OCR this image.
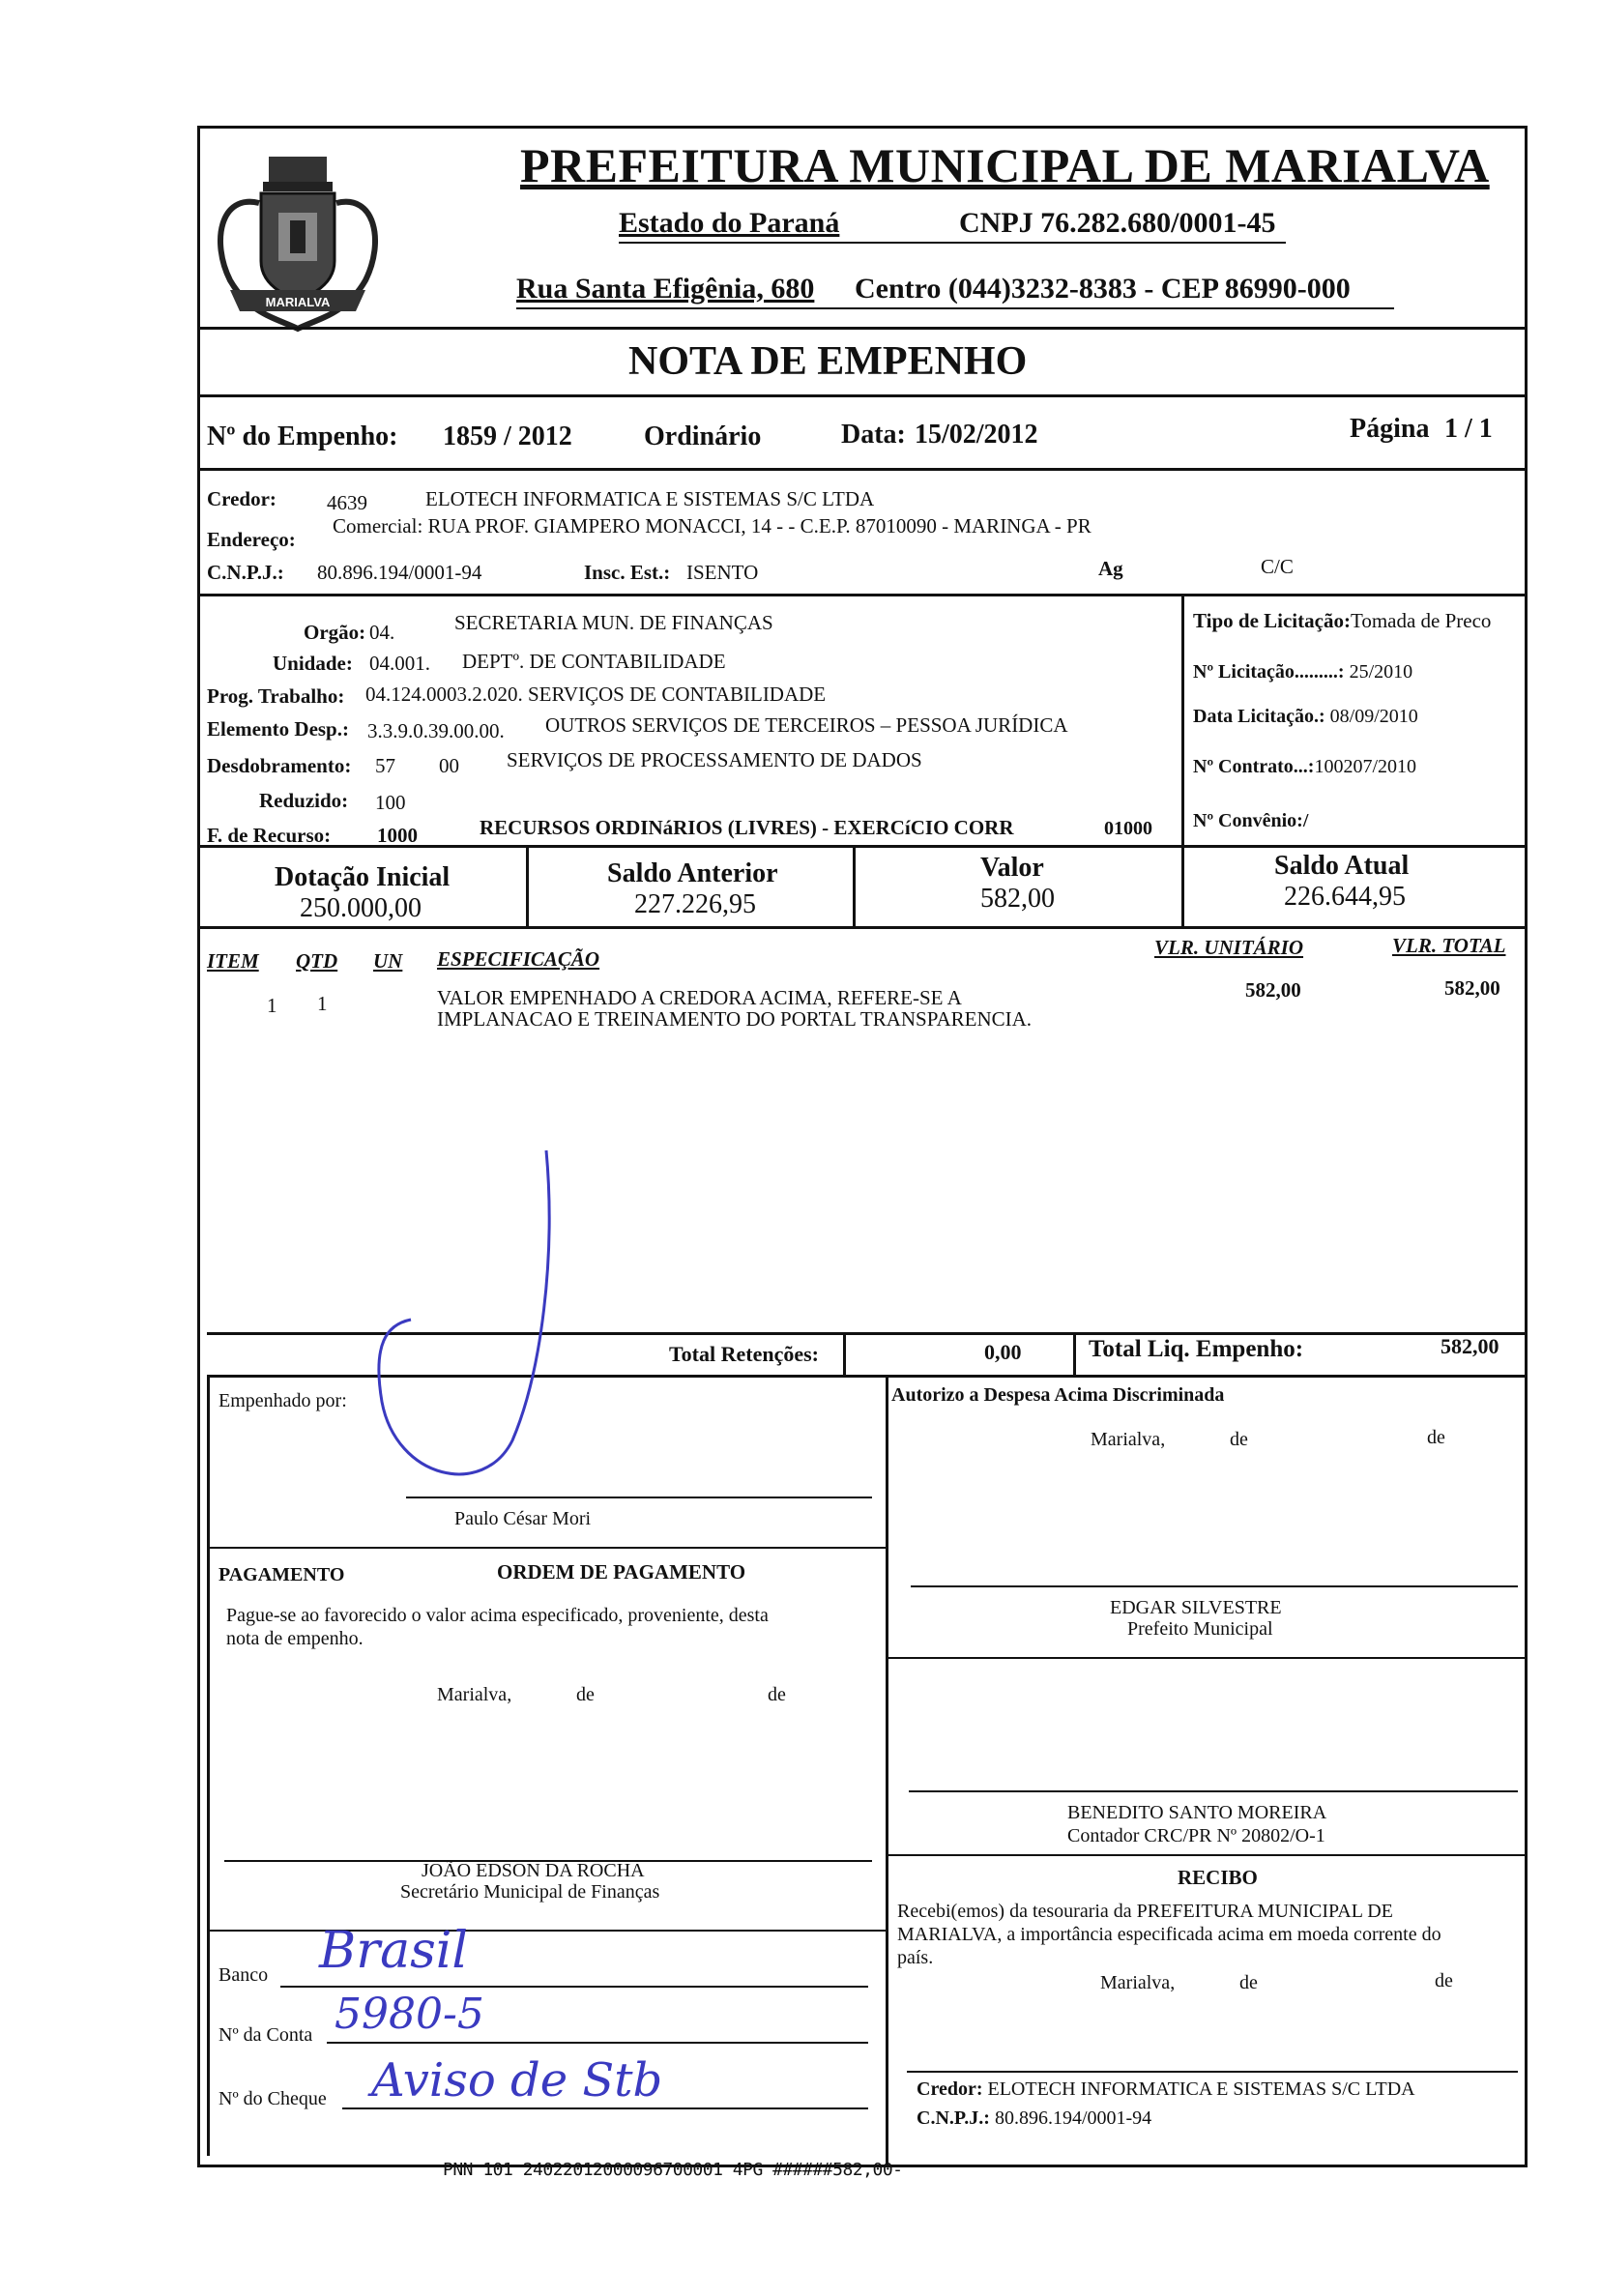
MARIALVA
PREFEITURA MUNICIPAL DE MARIALVA
Estado do Paraná	CNPJ 76.282.680/0001-45
Rua Santa Efigênia, 680 Centro (044)3232-8383 - CEP 86990-000
NOTA DE EMPENHO
Nº do Empenho: 1859 / 2012	Ordinário	Data: 15/02/2012	Página 1 / 1
Credor: 4639	ELOTECH INFORMATICA E SISTEMAS S/C LTDA
Endereço:
Comercial: RUA PROF. GIAMPERO MONACCI, 14 - - C.E.P. 87010090 - MARINGA - PR
C.N.P.J.: 80.896.194/0001-94	Insc. Est.: ISENTO	Ag	C/C
Orgão: 04.	SECRETARIA MUN. DE FINANÇAS
Unidade: 04.001. DEPTº. DE CONTABILIDADE
Prog. Trabalho: 04.124.0003.2.020. SERVIÇOS DE CONTABILIDADE
Elemento Desp.: 3.3.9.0.39.00.00. OUTROS SERVIÇOS DE TERCEIROS – PESSOA JURÍDICA
Desdobramento: 57 00 SERVIÇOS DE PROCESSAMENTO DE DADOS
Reduzido: 100
F. de Recurso: 1000	RECURSOS ORDINáRIOS (LIVRES) - EXERCíCIO CORR	01000
Tipo de Licitação:Tomada de Preco
Nº Licitação.........: 25/2010
Data Licitação.: 08/09/2010
Nº Contrato...:100207/2010
Nº Convênio:/
Dotação Inicial
250.000,00
Saldo Anterior
227.226,95
Valor
582,00
Saldo Atual
226.644,95
ITEM QTD UN ESPECIFICAÇÃO	VLR. UNITÁRIO	VLR. TOTAL
1 1	VALOR EMPENHADO A CREDORA ACIMA, REFERE-SE A
IMPLANACAO E TREINAMENTO DO PORTAL TRANSPARENCIA.
582,00	582,00
Total Retenções:	0,00	Total Liq. Empenho:	582,00
Empenhado por:
Paulo César Mori
Autorizo a Despesa Acima Discriminada
Marialva,	de	de
PAGAMENTO	ORDEM DE PAGAMENTO
Pague-se ao favorecido o valor acima especificado, proveniente, desta
nota de empenho.
Marialva,	de	de
EDGAR SILVESTRE
Prefeito Municipal
BENEDITO SANTO MOREIRA
Contador CRC/PR Nº 20802/O-1
JOÃO EDSON DA ROCHA
Secretário Municipal de Finanças
RECIBO
Recebi(emos) da tesouraria da PREFEITURA MUNICIPAL DE
MARIALVA, a importância especificada acima em moeda corrente do
país.
Marialva,	de	de
Banco Brasil
Nº da Conta 5980-5
Nº do Cheque Aviso de Stb	Credor: ELOTECH INFORMATICA E SISTEMAS S/C LTDA
C.N.P.J.: 80.896.194/0001-94
PNN 101 24022012000096700001 4PG ######582,00-
